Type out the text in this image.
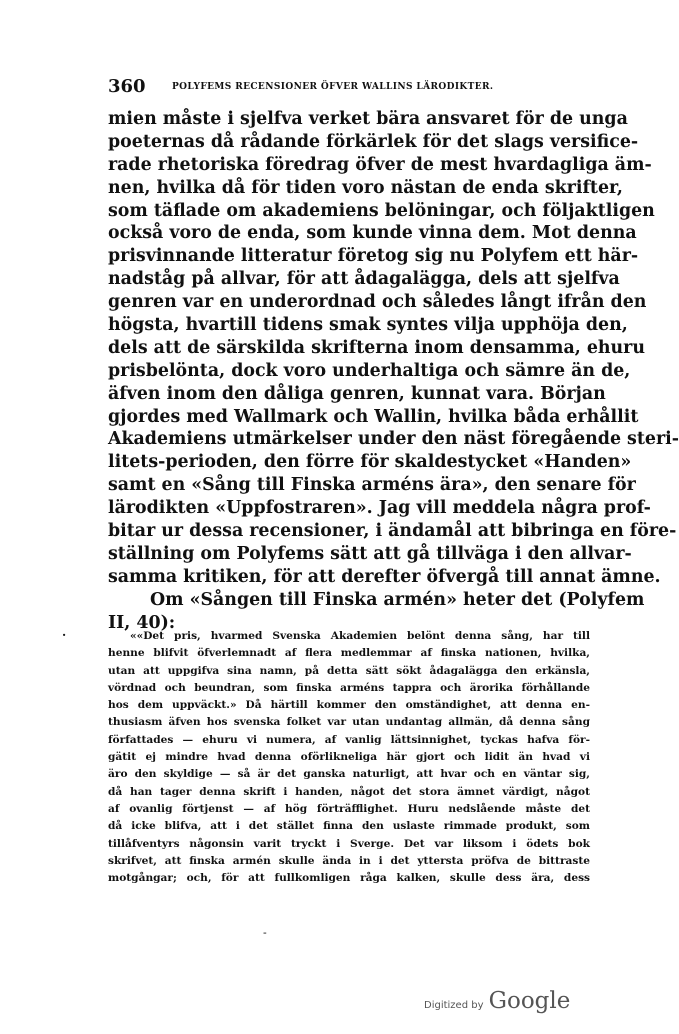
360	POLYFEMS RECENSIONER ÖFVER WALLINS LÄRODIKTER.
mien måste i sjelfva verket bära ansvaret för de unga
poeternas då rådande förkärlek för det slags versifice-
rade rhetoriska föredrag öfver de mest hvardagliga äm-
nen, hvilka då för tiden voro nästan de enda skrifter,
som täflade om akademiens belöningar, och följaktligen
också voro de enda, som kunde vinna dem. Mot denna
prisvinnande litteratur företog sig nu Polyfem ett här-
nadståg på allvar, för att ådagalägga, dels att sjelfva
genren var en underordnad och således långt ifrån den
högsta, hvartill tidens smak syntes vilja upphöja den,
dels att de särskilda skrifterna inom densamma, ehuru
prisbelönta, dock voro underhaltiga och sämre än de,
äfven inom den dåliga genren, kunnat vara. Början
gjordes med Wallmark och Wallin, hvilka båda erhållit
Akademiens utmärkelser under den näst föregående steri-
litets-perioden, den förre för skaldestycket «Handen»
samt en «Sång till Finska arméns ära», den senare för
lärodikten «Uppfostraren». Jag vill meddela några prof-
bitar ur dessa recensioner, i ändamål att bibringa en före-
ställning om Polyfems sätt att gå tillväga i den allvar-
samma kritiken, för att derefter öfvergå till annat ämne.
Om «Sången till Finska armén» heter det (Polyfem
II, 40):
·	««Det pris, hvarmed Svenska Akademien belönt denna sång, har till
henne blifvit öfverlemnadt af flera medlemmar af finska nationen, hvilka,
utan att uppgifva sina namn, på detta sätt sökt ådagalägga den erkänsla,
vördnad och beundran, som finska arméns tappra och ärorika förhållande
hos dem uppväckt.» Då härtill kommer den omständighet, att denna en-
thusiasm äfven hos svenska folket var utan undantag allmän, då denna sång
författades — ehuru vi numera, af vanlig lättsinnighet, tyckas hafva för-
gätit ej mindre hvad denna oförlikneliga här gjort och lidit än hvad vi
äro den skyldige — så är det ganska naturligt, att hvar och en väntar sig,
då han tager denna skrift i handen, något det stora ämnet värdigt, något
af ovanlig förtjenst — af hög förträfflighet. Huru nedslående måste det
då icke blifva, att i det stället finna den uslaste rimmade produkt, som
tillåfventyrs någonsin varit tryckt i Sverge. Det var liksom i ödets bok
skrifvet, att finska armén skulle ända in i det yttersta pröfva de bittraste
motgångar; och, för att fullkomligen råga kalken, skulle dess ära, dess
-
Digitized by Google
